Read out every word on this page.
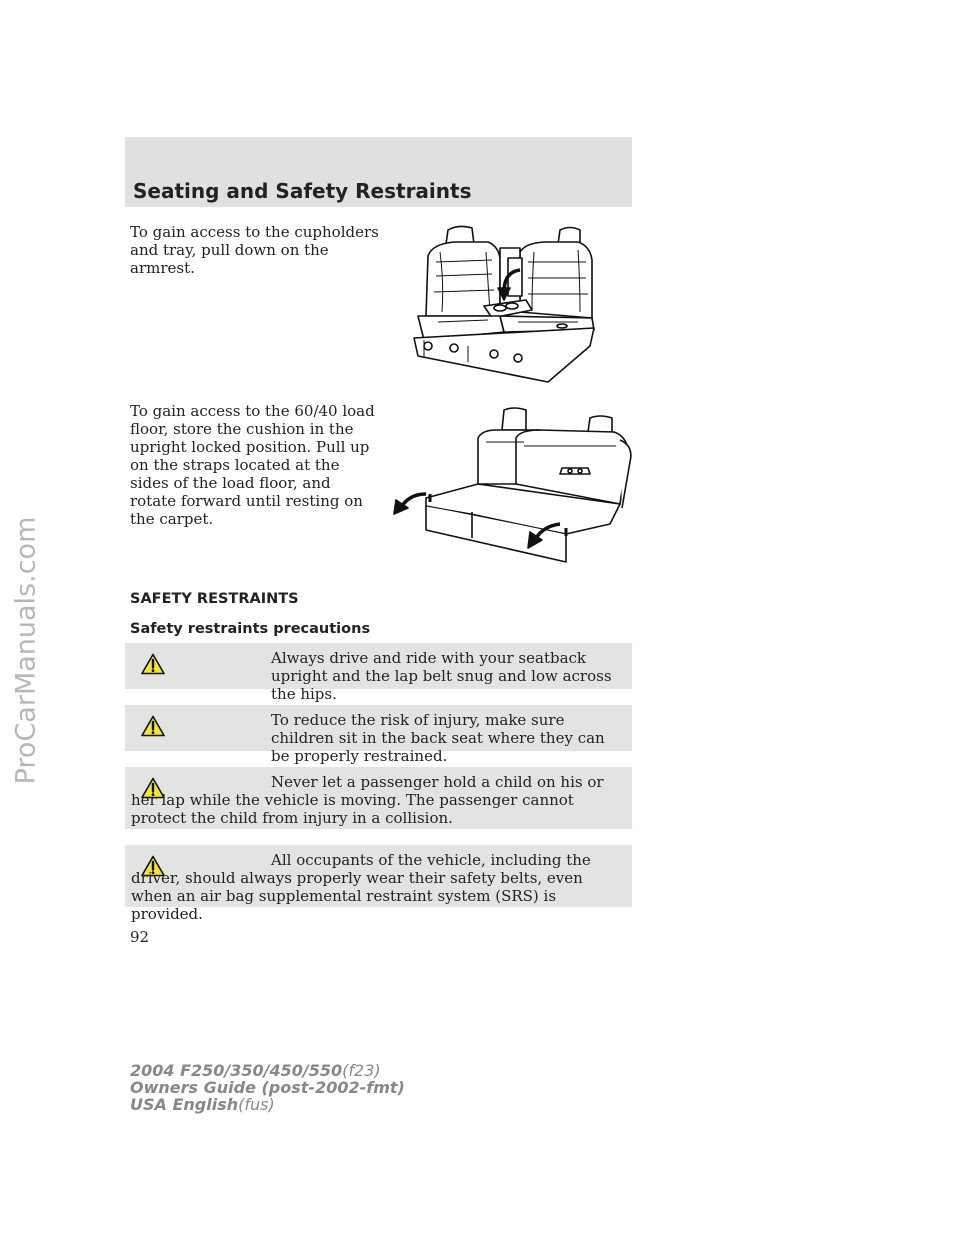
ProCarManuals.com
Seating and Safety Restraints
To gain access to the cupholders and tray, pull down on the armrest.
To gain access to the 60/40 load floor, store the cushion in the upright locked position. Pull up on the straps located at the sides of the load floor, and rotate forward until resting on the carpet.
SAFETY RESTRAINTS
Safety restraints precautions
Always drive and ride with your seatback upright and the lap belt snug and low across the hips.
To reduce the risk of injury, make sure children sit in the back seat where they can be properly restrained.
Never let a passenger hold a child on his or her lap while the vehicle is moving. The passenger cannot protect the child from injury in a collision.
All occupants of the vehicle, including the driver, should always properly wear their safety belts, even when an air bag supplemental restraint system (SRS) is provided.
92
2004 F250/350/450/550(f23)
Owners Guide (post-2002-fmt)
USA English(fus)
